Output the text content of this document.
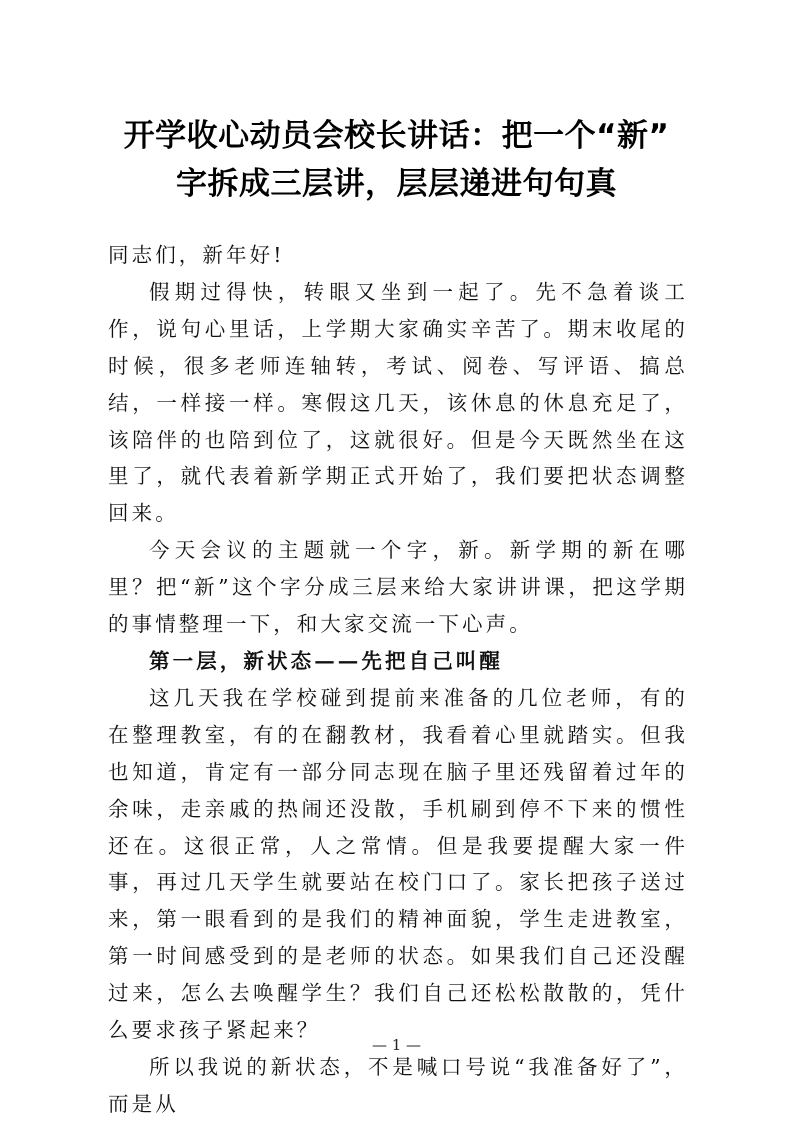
开学收心动员会校长讲话：把一个“新”
字拆成三层讲，层层递进句句真

同志们，新年好!

假期过得快，转眼又坐到一起了。先不急着谈工作，说句心里话，上学期大家确实辛苦了。期末收尾的时候，很多老师连轴转，考试、阅卷、写评语、搞总结，一样接一样。寒假这几天，该休息的休息充足了，该陪伴的也陪到位了，这就很好。但是今天既然坐在这里了，就代表着新学期正式开始了，我们要把状态调整回来。

今天会议的主题就一个字，新。新学期的新在哪里？把“新”这个字分成三层来给大家讲讲课，把这学期的事情整理一下，和大家交流一下心声。

第一层，新状态——先把自己叫醒

这几天我在学校碰到提前来准备的几位老师，有的在整理教室，有的在翻教材，我看着心里就踏实。但我也知道，肯定有一部分同志现在脑子里还残留着过年的余味，走亲戚的热闹还没散，手机刷到停不下来的惯性还在。这很正常，人之常情。但是我要提醒大家一件事，再过几天学生就要站在校门口了。家长把孩子送过来，第一眼看到的是我们的精神面貌，学生走进教室，第一时间感受到的是老师的状态。如果我们自己还没醒过来，怎么去唤醒学生？我们自己还松松散散的，凭什么要求孩子紧起来？

所以我说的新状态，不是喊口号说“我准备好了”，而是从

— 1 —
